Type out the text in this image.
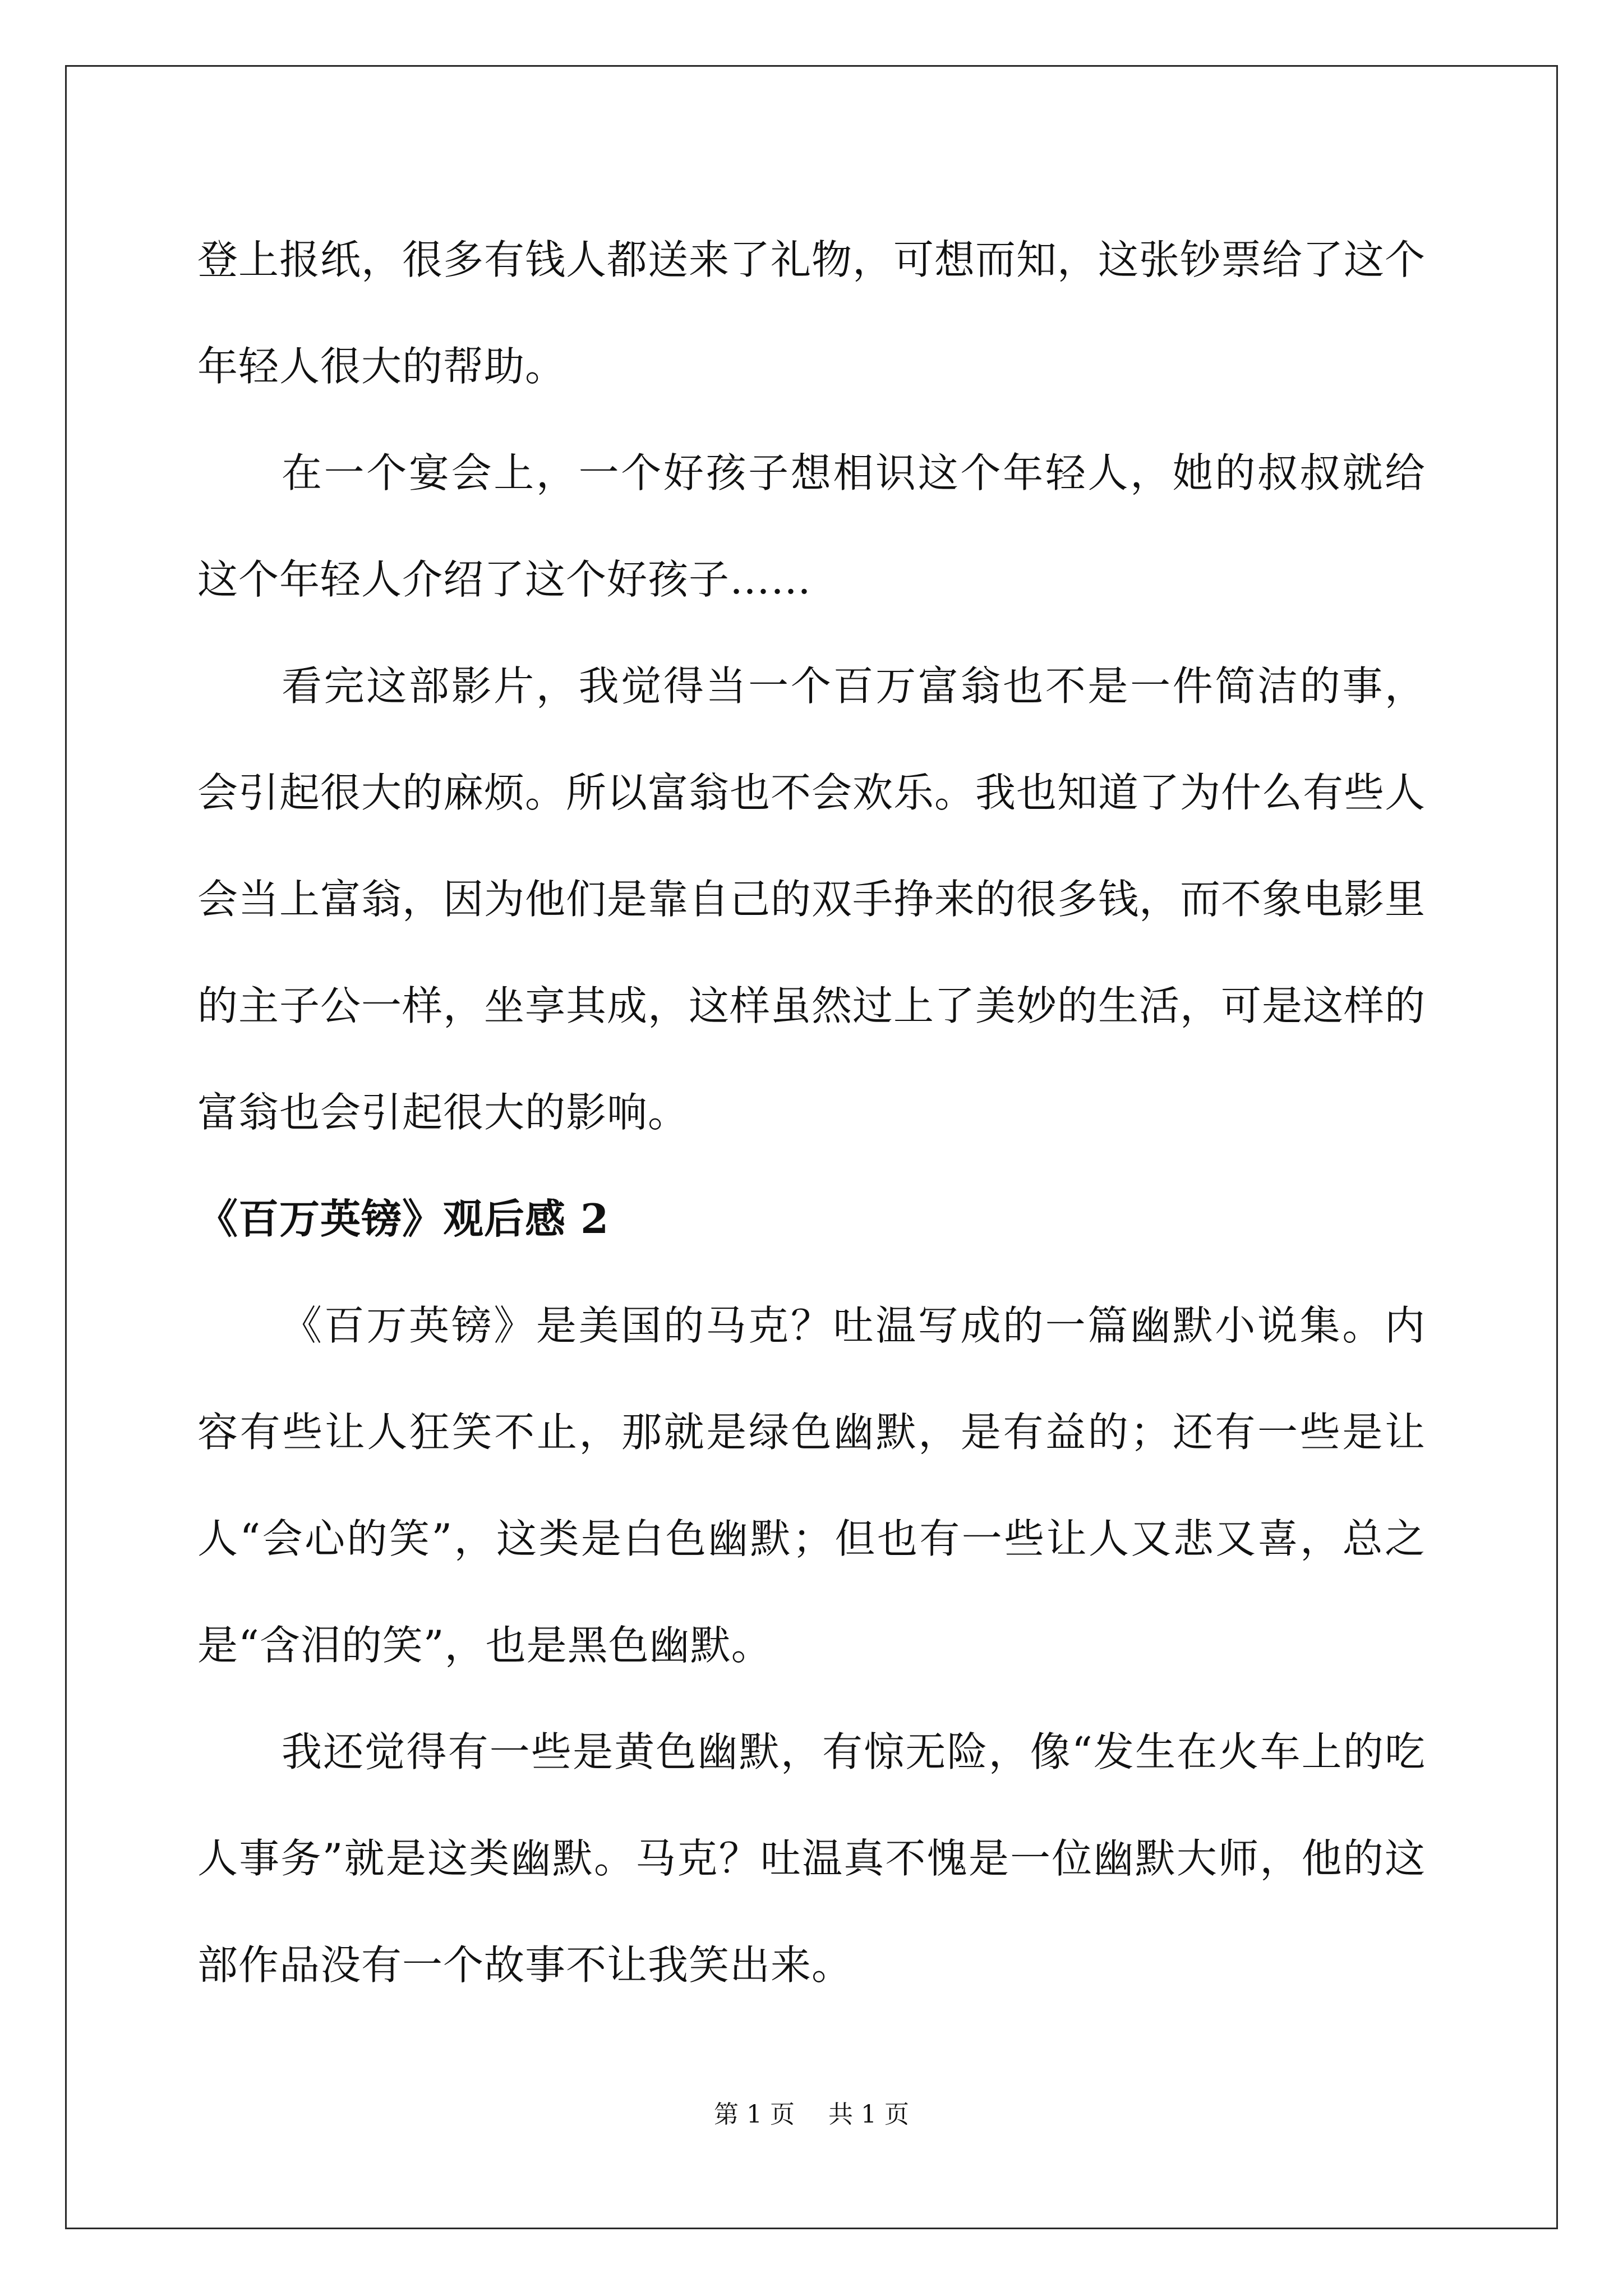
登上报纸，很多有钱人都送来了礼物，可想而知，这张钞票给了这个年轻人很大的帮助。

在一个宴会上，一个好孩子想相识这个年轻人，她的叔叔就给这个年轻人介绍了这个好孩子……

看完这部影片，我觉得当一个百万富翁也不是一件简洁的事，会引起很大的麻烦。所以富翁也不会欢乐。我也知道了为什么有些人会当上富翁，因为他们是靠自己的双手挣来的很多钱，而不象电影里的主子公一样，坐享其成，这样虽然过上了美妙的生活，可是这样的富翁也会引起很大的影响。

《百万英镑》观后感 2

《百万英镑》是美国的马克？吐温写成的一篇幽默小说集。内容有些让人狂笑不止，那就是绿色幽默，是有益的；还有一些是让人“会心的笑”，这类是白色幽默；但也有一些让人又悲又喜，总之是“含泪的笑”，也是黑色幽默。

我还觉得有一些是黄色幽默，有惊无险，像“发生在火车上的吃人事务”就是这类幽默。马克？吐温真不愧是一位幽默大师，他的这部作品没有一个故事不让我笑出来。

第 1 页 共 1 页
